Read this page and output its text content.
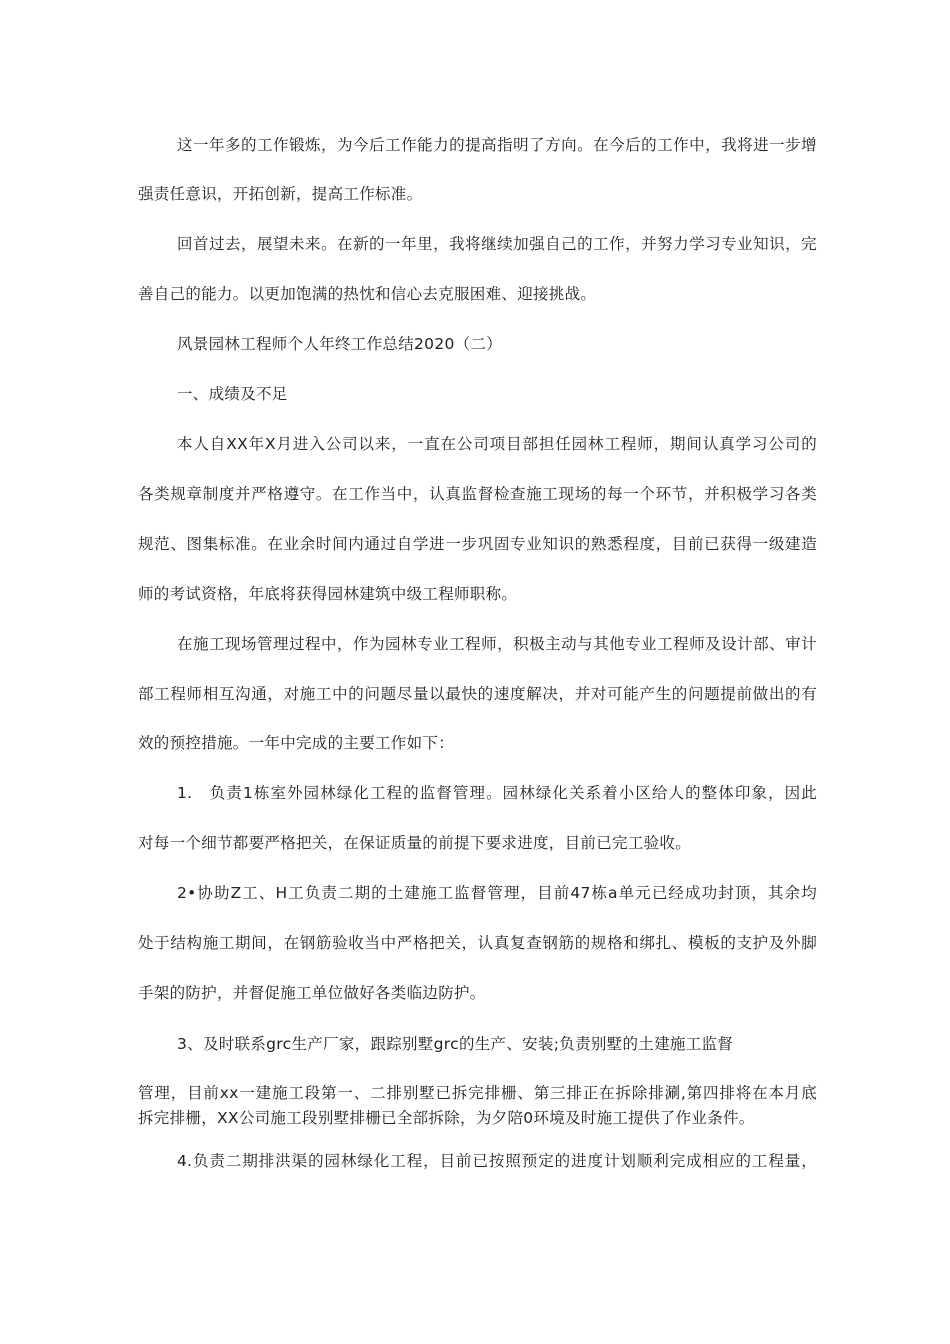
这一年多的工作锻炼，为今后工作能力的提高指明了方向。在今后的工作中，我将进一步增
强责任意识，开拓创新，提高工作标准。
回首过去，展望未来。在新的一年里，我将继续加强自己的工作，并努力学习专业知识，完
善自己的能力。以更加饱满的热忱和信心去克服困难、迎接挑战。
风景园林工程师个人年终工作总结2020（二）
一、成绩及不足
本人自XX年X月进入公司以来，一直在公司项目部担任园林工程师，期间认真学习公司的
各类规章制度并严格遵守。在工作当中，认真监督检查施工现场的每一个环节，并积极学习各类
规范、图集标准。在业余时间内通过自学进一步巩固专业知识的熟悉程度，目前已获得一级建造
师的考试资格，年底将获得园林建筑中级工程师职称。
在施工现场管理过程中，作为园林专业工程师，积极主动与其他专业工程师及设计部、审计
部工程师相互沟通，对施工中的问题尽量以最快的速度解决，并对可能产生的问题提前做出的有
效的预控措施。一年中完成的主要工作如下：
1.　负责1栋室外园林绿化工程的监督管理。园林绿化关系着小区给人的整体印象，因此
对每一个细节都要严格把关，在保证质量的前提下要求进度，目前已完工验收。
2•协助Z工、H工负责二期的土建施工监督管理，目前47栋a单元已经成功封顶，其余均
处于结构施工期间，在钢筋验收当中严格把关，认真复查钢筋的规格和绑扎、模板的支护及外脚
手架的防护，并督促施工单位做好各类临边防护。
3、及时联系grc生产厂家，跟踪别墅grc的生产、安装;负责别墅的土建施工监督
管理，目前xx一建施工段第一、二排别墅已拆完排栅、第三排正在拆除排涮,第四排将在本月底
拆完排栅，XX公司施工段别墅排栅已全部拆除，为夕陪0环境及时施工提供了作业条件。
4.负责二期排洪渠的园林绿化工程，目前已按照预定的进度计划顺利完成相应的工程量，
